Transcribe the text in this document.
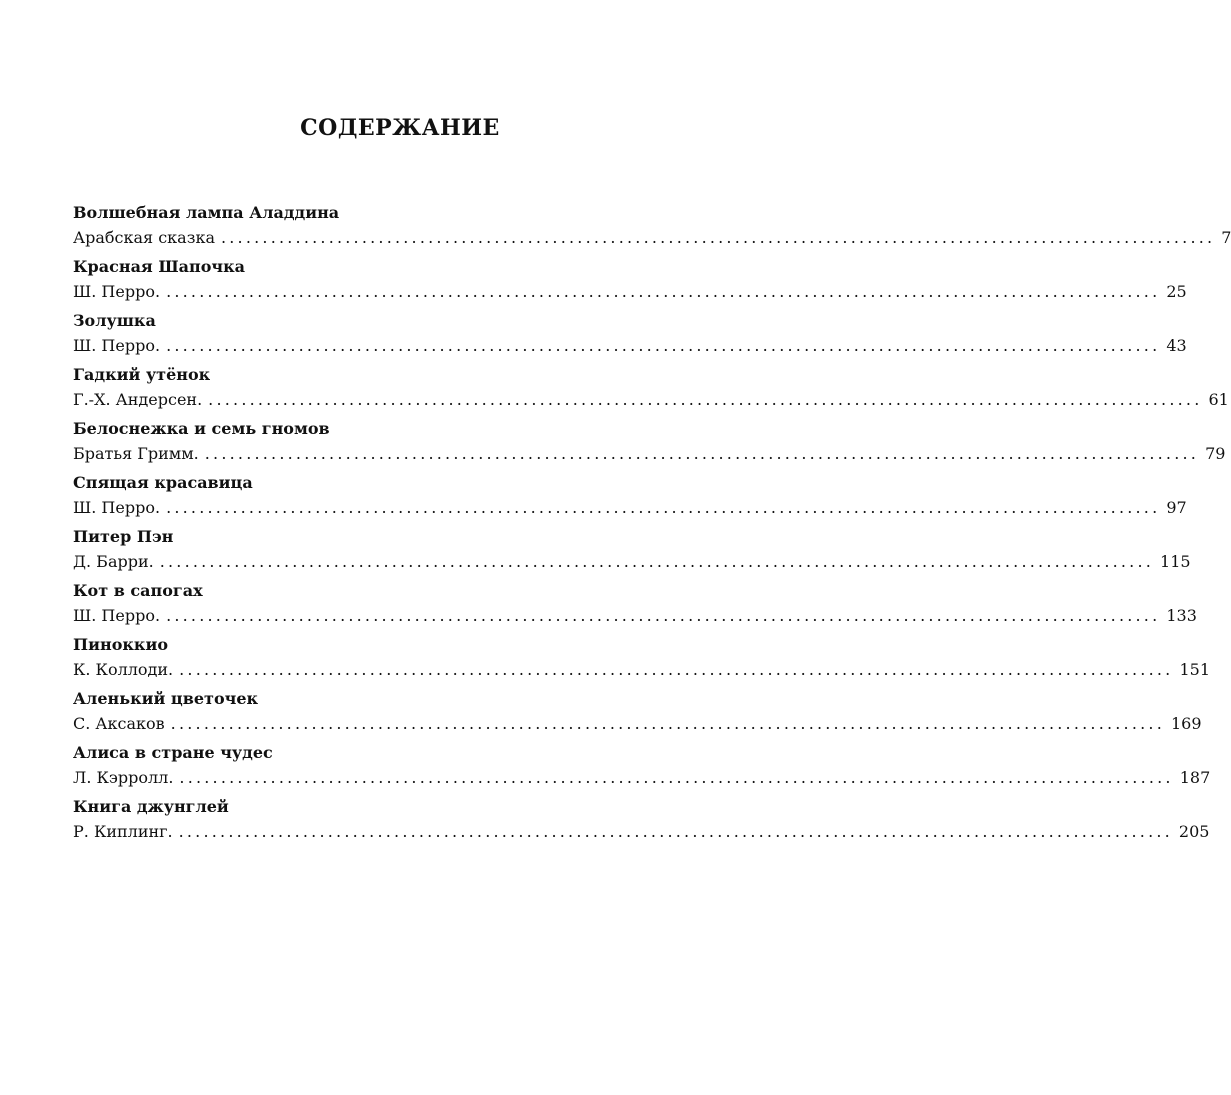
СОДЕРЖАНИЕ
Волшебная лампа Аладдина
Арабская сказка ........................................................................................................................ 7
Красная Шапочка
Ш. Перро. ........................................................................................................................ 25
Золушка
Ш. Перро. ........................................................................................................................ 43
Гадкий утёнок
Г.-Х. Андерсен. ........................................................................................................................ 61
Белоснежка и семь гномов
Братья Гримм. ........................................................................................................................ 79
Спящая красавица
Ш. Перро. ........................................................................................................................ 97
Питер Пэн
Д. Барри. ........................................................................................................................ 115
Кот в сапогах
Ш. Перро. ........................................................................................................................ 133
Пиноккио
К. Коллоди. ........................................................................................................................ 151
Аленький цветочек
С. Аксаков ........................................................................................................................ 169
Алиса в стране чудес
Л. Кэрролл. ........................................................................................................................ 187
Книга джунглей
Р. Киплинг. ........................................................................................................................ 205
